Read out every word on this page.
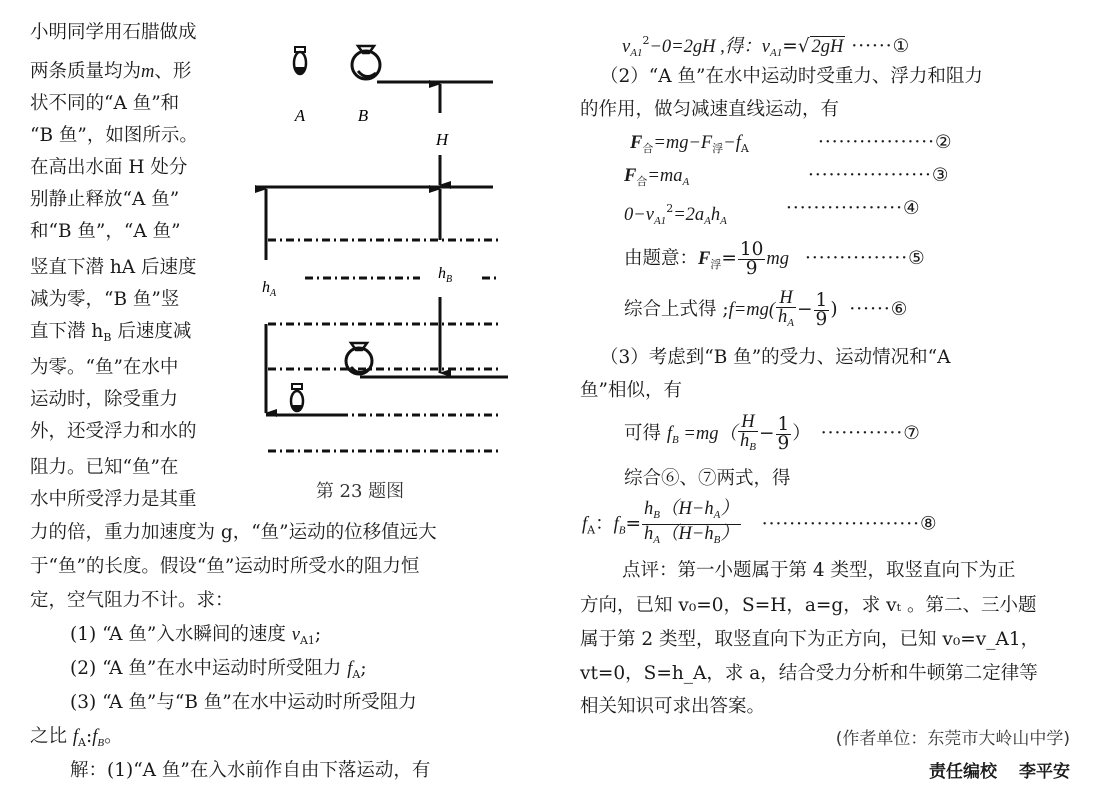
小明同学用石腊做成
两条质量均为m、形
状不同的“A 鱼”和
“B 鱼”，如图所示。
在高出水面 H 处分
别静止释放“A 鱼”
和“B 鱼”，“A 鱼”
竖直下潜 hA 后速度
减为零，“B 鱼”竖
直下潜 $h_B$ 后速度减
为零。“鱼”在水中
运动时，除受重力
外，还受浮力和水的
阻力。已知“鱼”在
水中所受浮力是其重
力的倍，重力加速度为 g，“鱼”运动的位移值远大
于“鱼”的长度。假设“鱼”运动时所受水的阻力恒
定，空气阻力不计。求：
(1) “A 鱼”入水瞬间的速度 $v_{A1}$;
(2) “A 鱼”在水中运动时所受阻力 $f_A$;
(3) “A 鱼”与“B 鱼”在水中运动时所受阻力
之比 $f_A:f_B$。
解：(1)“A 鱼”在入水前作自由下落运动，有
A	B
H
$h_A$
$h_B$
第 23 题图
$v_{A1}^2-0=2gH$ ,得：$v_{A1}=√$ 2gH ······①
（2）“A 鱼”在水中运动时受重力、浮力和阻力
的作用，做匀减速直线运动，有
$F_合=mg-F_浮-f_A$	·················②
$F_合=ma_A$	··················③
$0-v_{A1}^2=2a_Ah_A$
·················④
由题意：$F_浮= \frac{10}{9}$ mg ···············⑤
综合上式得 ;f=mg( $\frac{H}{h_A} - \frac{1}{9}$ ) ······⑥
（3）考虑到“B 鱼”的受力、运动情况和“A
鱼”相似，有
可得 $f_B =mg( \frac{H}{h_B} - \frac{1}{9}$ ） ············⑦
综合⑥、⑦两式，得
$f_A$：$f_B= \frac{h_B(H-h_A)}{h_A(H-h_B)}$ ·······················⑧
点评：第一小题属于第 4 类型，取竖直向下为正
方向，已知 v₀=0，S=H，a=g，求 vₜ 。第二、三小题
属于第 2 类型，取竖直向下为正方向，已知 v₀=v_A1，
vt=0，S=h_A，求 a，结合受力分析和牛顿第二定律等
相关知识可求出答案。
(作者单位：东莞市大岭山中学)
责任编校 李平安
